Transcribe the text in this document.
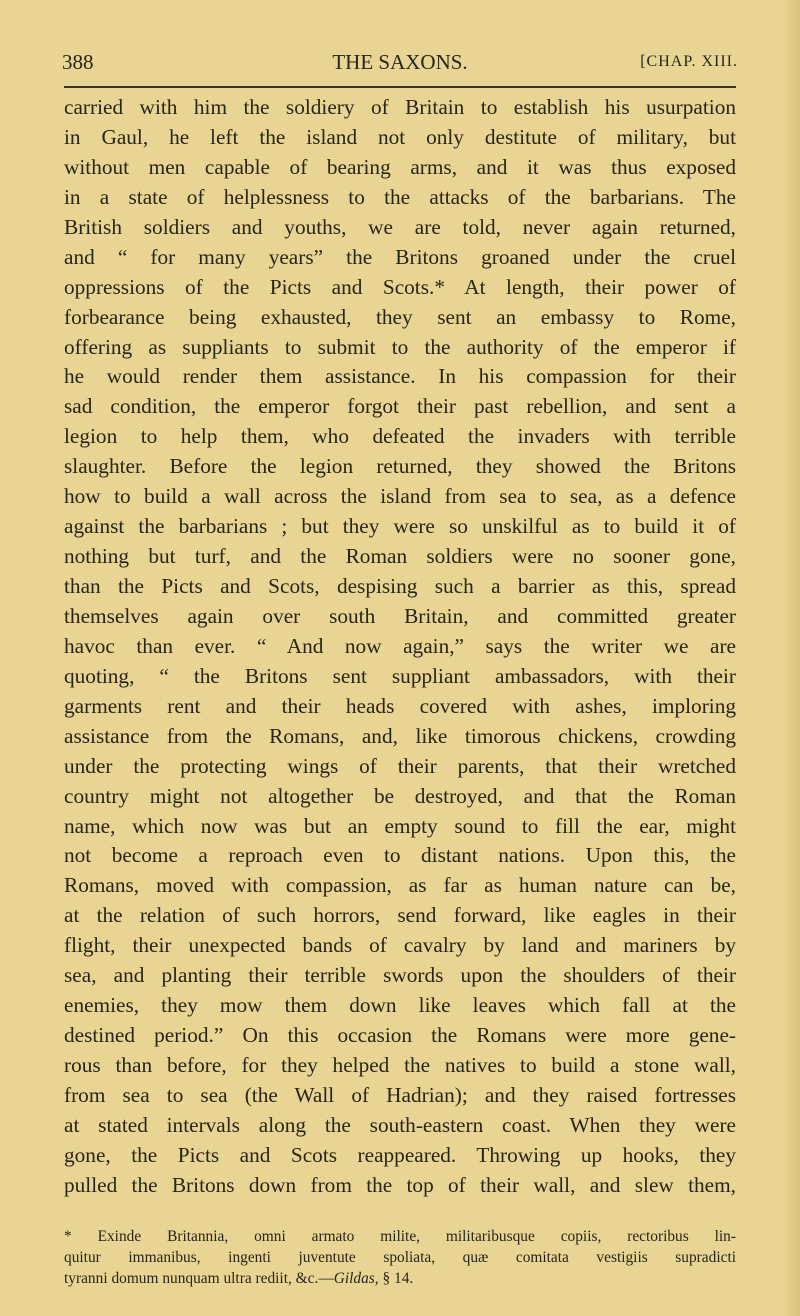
388	THE SAXONS.	[CHAP. XIII.
carried with him the soldiery of Britain to establish his usurpation
in Gaul, he left the island not only destitute of military, but
without men capable of bearing arms, and it was thus exposed
in a state of helplessness to the attacks of the barbarians. The
British soldiers and youths, we are told, never again returned,
and “ for many years” the Britons groaned under the cruel
oppressions of the Picts and Scots.* At length, their power of
forbearance being exhausted, they sent an embassy to Rome,
offering as suppliants to submit to the authority of the emperor if
he would render them assistance. In his compassion for their
sad condition, the emperor forgot their past rebellion, and sent a
legion to help them, who defeated the invaders with terrible
slaughter. Before the legion returned, they showed the Britons
how to build a wall across the island from sea to sea, as a defence
against the barbarians ; but they were so unskilful as to build it of
nothing but turf, and the Roman soldiers were no sooner gone,
than the Picts and Scots, despising such a barrier as this, spread
themselves again over south Britain, and committed greater
havoc than ever. “ And now again,” says the writer we are
quoting, “ the Britons sent suppliant ambassadors, with their
garments rent and their heads covered with ashes, imploring
assistance from the Romans, and, like timorous chickens, crowding
under the protecting wings of their parents, that their wretched
country might not altogether be destroyed, and that the Roman
name, which now was but an empty sound to fill the ear, might
not become a reproach even to distant nations. Upon this, the
Romans, moved with compassion, as far as human nature can be,
at the relation of such horrors, send forward, like eagles in their
flight, their unexpected bands of cavalry by land and mariners by
sea, and planting their terrible swords upon the shoulders of their
enemies, they mow them down like leaves which fall at the
destined period.” On this occasion the Romans were more gene-
rous than before, for they helped the natives to build a stone wall,
from sea to sea (the Wall of Hadrian); and they raised fortresses
at stated intervals along the south-eastern coast. When they were
gone, the Picts and Scots reappeared. Throwing up hooks, they
pulled the Britons down from the top of their wall, and slew them,
* Exinde Britannia, omni armato milite, militaribusque copiis, rectoribus lin-
quitur immanibus, ingenti juventute spoliata, quæ comitata vestigiis supradicti
tyranni domum nunquam ultra rediit, &c.—Gildas, § 14.
